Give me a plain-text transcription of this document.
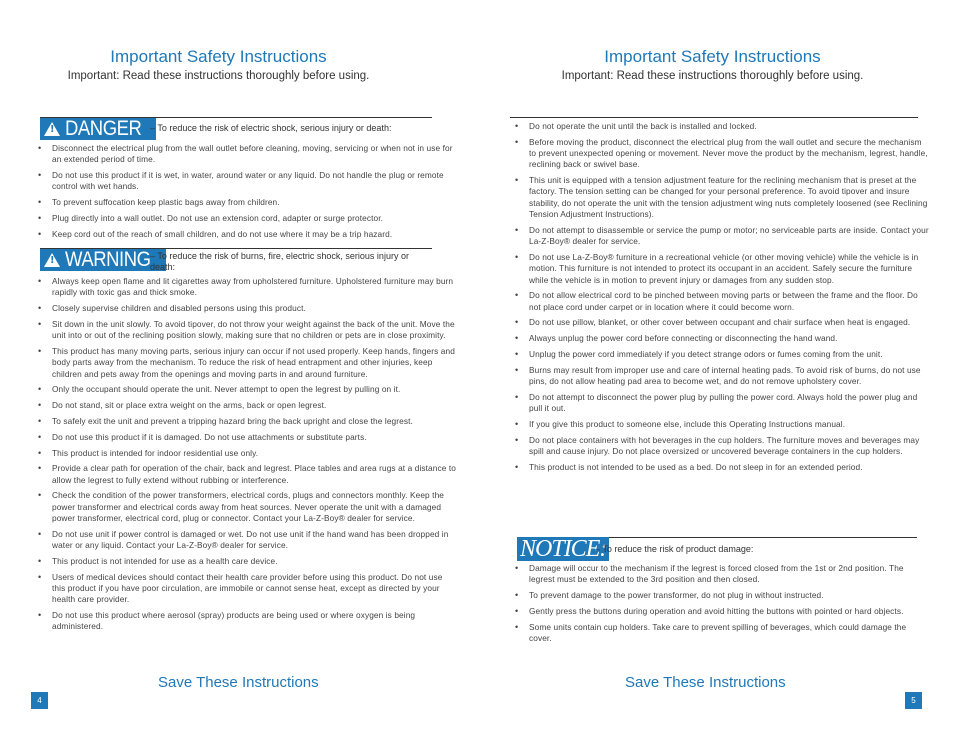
Important Safety Instructions
Important: Read these instructions thoroughly before using.
! DANGER – To reduce the risk of electric shock, serious injury or death:
• Disconnect the electrical plug from the wall outlet before cleaning, moving, servicing or when not in use for an extended period of time.
• Do not use this product if it is wet, in water, around water or any liquid. Do not handle the plug or remote control with wet hands.
• To prevent suffocation keep plastic bags away from children.
• Plug directly into a wall outlet. Do not use an extension cord, adapter or surge protector.
• Keep cord out of the reach of small children, and do not use where it may be a trip hazard.
! WARNING – To reduce the risk of burns, fire, electric shock, serious injury or death:
• Always keep open flame and lit cigarettes away from upholstered furniture. Upholstered furniture may burn rapidly with toxic gas and thick smoke.
• Closely supervise children and disabled persons using this product.
• Sit down in the unit slowly. To avoid tipover, do not throw your weight against the back of the unit. Move the unit into or out of the reclining position slowly, making sure that no children or pets are in close proximity.
• This product has many moving parts, serious injury can occur if not used properly. Keep hands, fingers and body parts away from the mechanism. To reduce the risk of head entrapment and other injuries, keep children and pets away from the openings and moving parts in and around furniture.
• Only the occupant should operate the unit. Never attempt to open the legrest by pulling on it.
• Do not stand, sit or place extra weight on the arms, back or open legrest.
• To safely exit the unit and prevent a tripping hazard bring the back upright and close the legrest.
• Do not use this product if it is damaged. Do not use attachments or substitute parts.
• This product is intended for indoor residential use only.
• Provide a clear path for operation of the chair, back and legrest. Place tables and area rugs at a distance to allow the legrest to fully extend without rubbing or interference.
• Check the condition of the power transformers, electrical cords, plugs and connectors monthly. Keep the power transformer and electrical cords away from heat sources. Never operate the unit with a damaged power transformer, electrical cord, plug or connector. Contact your La-Z-Boy® dealer for service.
• Do not use unit if power control is damaged or wet. Do not use unit if the hand wand has been dropped in water or any liquid. Contact your La-Z-Boy® dealer for service.
• This product is not intended for use as a health care device.
• Users of medical devices should contact their health care provider before using this product. Do not use this product if you have poor circulation, are immobile or cannot sense heat, except as directed by your health care provider.
• Do not use this product where aerosol (spray) products are being used or where oxygen is being administered.
Save These Instructions
4
Important Safety Instructions
Important: Read these instructions thoroughly before using.
• Do not operate the unit until the back is installed and locked.
• Before moving the product, disconnect the electrical plug from the wall outlet and secure the mechanism to prevent unexpected opening or movement. Never move the product by the mechanism, legrest, handle, reclining back or swivel base.
• This unit is equipped with a tension adjustment feature for the reclining mechanism that is preset at the factory. The tension setting can be changed for your personal preference. To avoid tipover and insure stability, do not operate the unit with the tension adjustment wing nuts completely loosened (see Reclining Tension Adjustment Instructions).
• Do not attempt to disassemble or service the pump or motor; no serviceable parts are inside. Contact your La-Z-Boy® dealer for service.
• Do not use La-Z-Boy® furniture in a recreational vehicle (or other moving vehicle) while the vehicle is in motion. This furniture is not intended to protect its occupant in an accident. Safely secure the furniture while the vehicle is in motion to prevent injury or damages from any sudden stop.
• Do not allow electrical cord to be pinched between moving parts or between the frame and the floor. Do not place cord under carpet or in location where it could become worn.
• Do not use pillow, blanket, or other cover between occupant and chair surface when heat is engaged.
• Always unplug the power cord before connecting or disconnecting the hand wand.
• Unplug the power cord immediately if you detect strange odors or fumes coming from the unit.
• Burns may result from improper use and care of internal heating pads. To avoid risk of burns, do not use pins, do not allow heating pad area to become wet, and do not remove upholstery cover.
• Do not attempt to disconnect the power plug by pulling the power cord. Always hold the power plug and pull it out.
• If you give this product to someone else, include this Operating Instructions manual.
• Do not place containers with hot beverages in the cup holders. The furniture moves and beverages may spill and cause injury. Do not place oversized or uncovered beverage containers in the cup holders.
• This product is not intended to be used as a bed. Do not sleep in for an extended period.
NOTICE:
– To reduce the risk of product damage:
• Damage will occur to the mechanism if the legrest is forced closed from the 1st or 2nd position. The legrest must be extended to the 3rd position and then closed.
• To prevent damage to the power transformer, do not plug in without instructed.
• Gently press the buttons during operation and avoid hitting the buttons with pointed or hard objects.
• Some units contain cup holders. Take care to prevent spilling of beverages, which could damage the cover.
Save These Instructions
5
